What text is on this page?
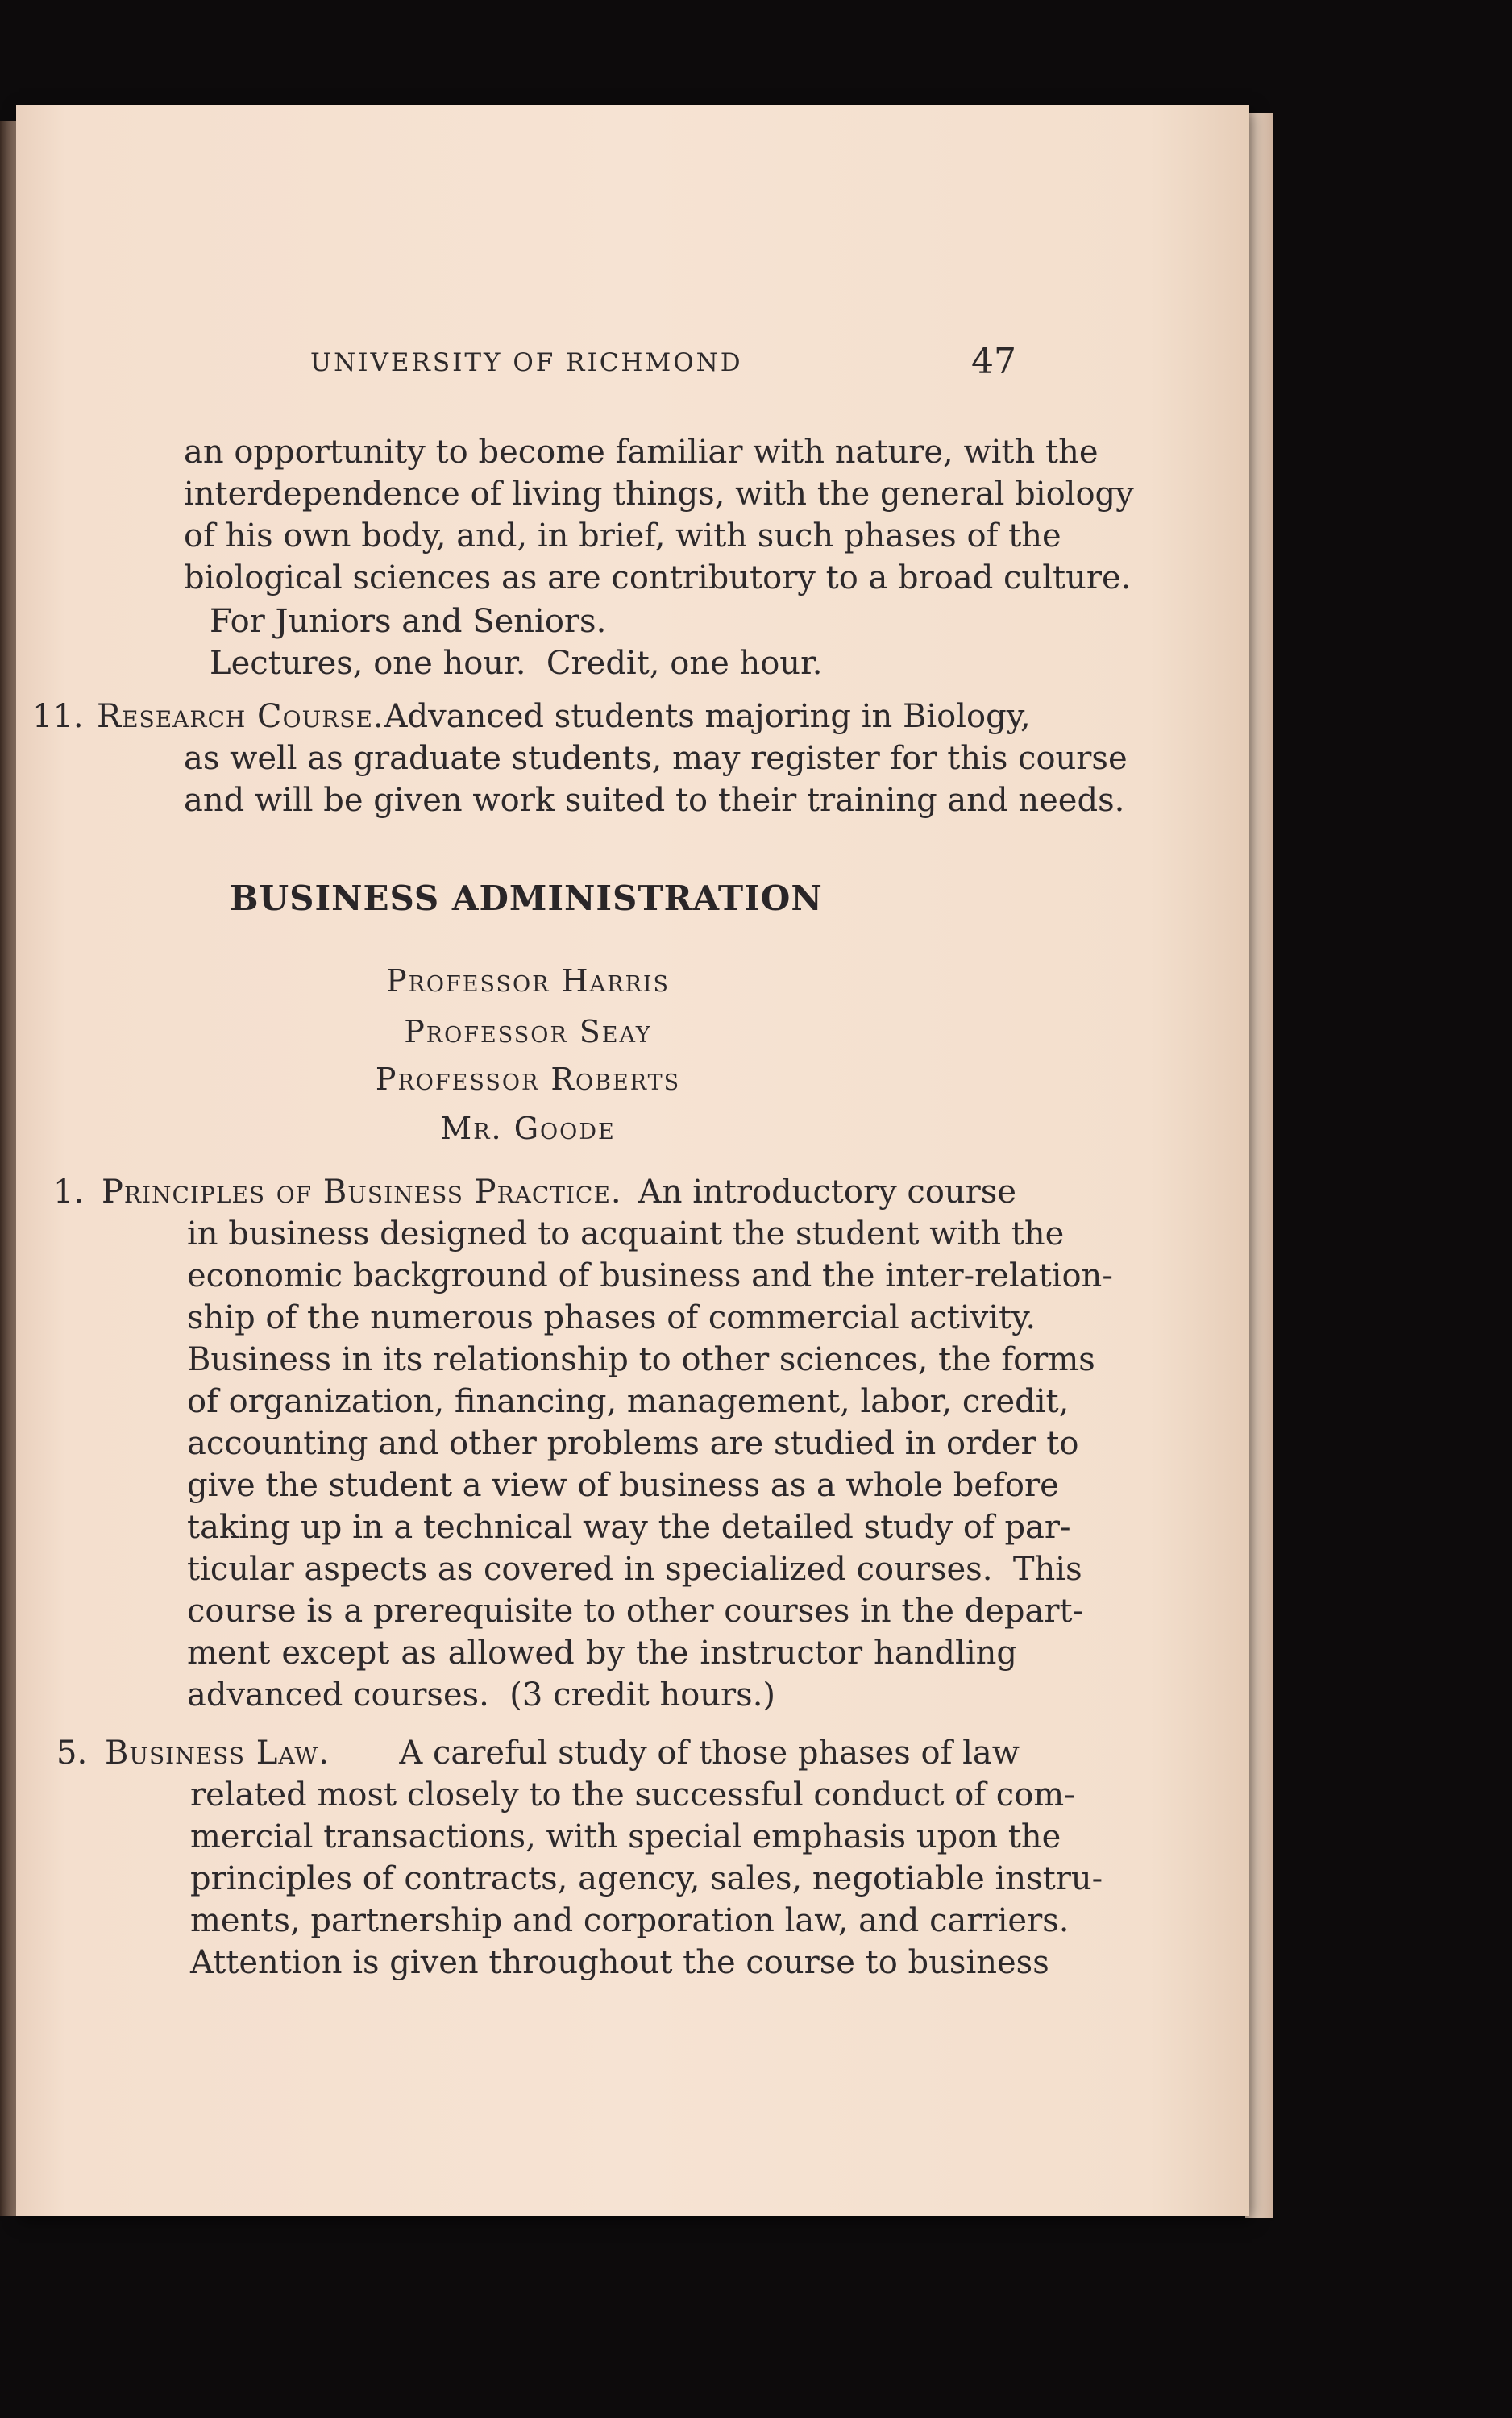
UNIVERSITY OF RICHMOND	47
an opportunity to become familiar with nature, with the
interdependence of living things, with the general biology
of his own body, and, in brief, with such phases of the
biological sciences as are contributory to a broad culture.
For Juniors and Seniors.
Lectures, one hour.  Credit, one hour.
11. Research Course. Advanced students majoring in Biology,
as well as graduate students, may register for this course
and will be given work suited to their training and needs.
BUSINESS ADMINISTRATION
Professor Harris
Professor Seay
Professor Roberts
Mr. Goode
1. Principles of Business Practice. An introductory course
in business designed to acquaint the student with the
economic background of business and the inter-relation-
ship of the numerous phases of commercial activity.
Business in its relationship to other sciences, the forms
of organization, financing, management, labor, credit,
accounting and other problems are studied in order to
give the student a view of business as a whole before
taking up in a technical way the detailed study of par-
ticular aspects as covered in specialized courses.  This
course is a prerequisite to other courses in the depart-
ment except as allowed by the instructor handling
advanced courses.  (3 credit hours.)
5. Business Law. A careful study of those phases of law
related most closely to the successful conduct of com-
mercial transactions, with special emphasis upon the
principles of contracts, agency, sales, negotiable instru-
ments, partnership and corporation law, and carriers.
Attention is given throughout the course to business
